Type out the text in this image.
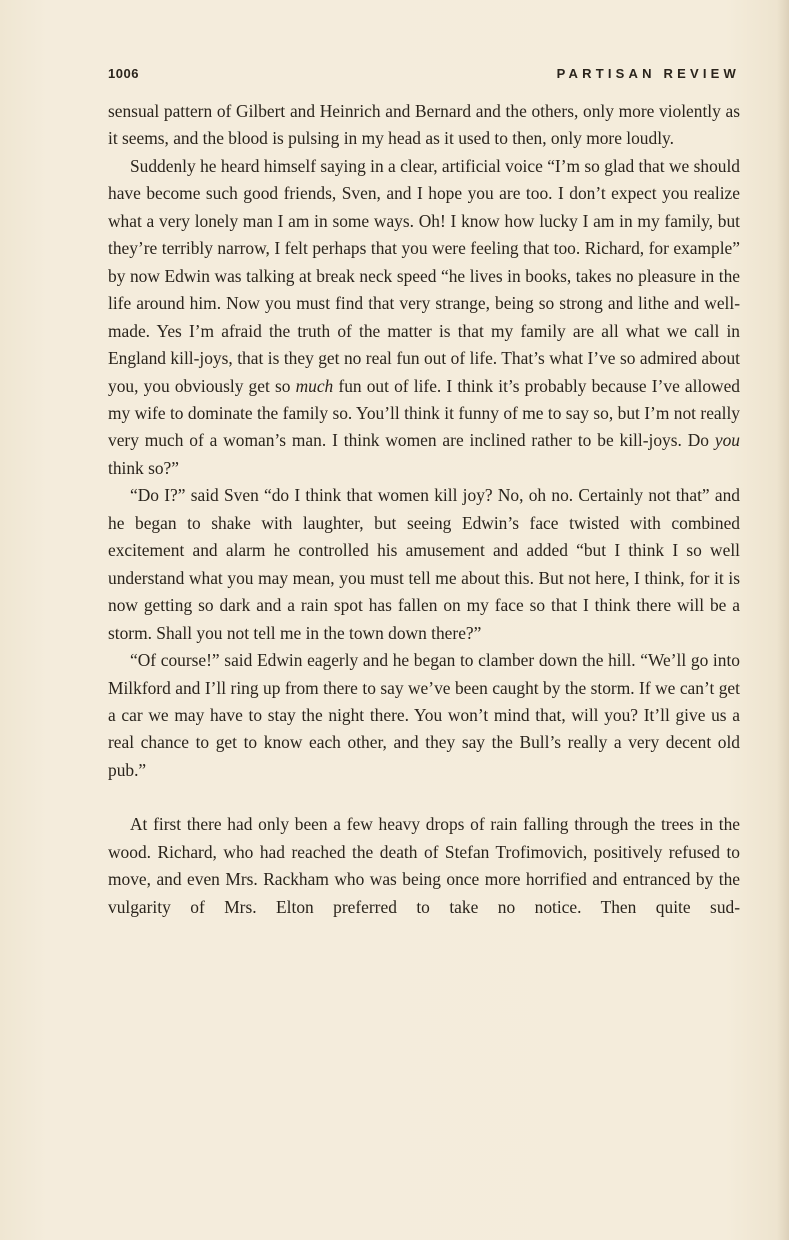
1006	PARTISAN REVIEW

sensual pattern of Gilbert and Heinrich and Bernard and the others, only more violently as it seems, and the blood is pulsing in my head as it used to then, only more loudly.

Suddenly he heard himself saying in a clear, artificial voice “I’m so glad that we should have become such good friends, Sven, and I hope you are too. I don’t expect you realize what a very lonely man I am in some ways. Oh! I know how lucky I am in my family, but they’re terribly narrow, I felt perhaps that you were feeling that too. Richard, for example” by now Edwin was talking at break neck speed “he lives in books, takes no pleasure in the life around him. Now you must find that very strange, being so strong and lithe and well-made. Yes I’m afraid the truth of the matter is that my family are all what we call in England kill-joys, that is they get no real fun out of life. That’s what I’ve so admired about you, you obviously get so much fun out of life. I think it’s probably because I’ve allowed my wife to dominate the family so. You’ll think it funny of me to say so, but I’m not really very much of a woman’s man. I think women are inclined rather to be kill-joys. Do you think so?”

“Do I?” said Sven “do I think that women kill joy? No, oh no. Certainly not that” and he began to shake with laughter, but seeing Edwin’s face twisted with combined excitement and alarm he controlled his amusement and added “but I think I so well understand what you may mean, you must tell me about this. But not here, I think, for it is now getting so dark and a rain spot has fallen on my face so that I think there will be a storm. Shall you not tell me in the town down there?”

“Of course!” said Edwin eagerly and he began to clamber down the hill. “We’ll go into Milkford and I’ll ring up from there to say we’ve been caught by the storm. If we can’t get a car we may have to stay the night there. You won’t mind that, will you? It’ll give us a real chance to get to know each other, and they say the Bull’s really a very decent old pub.”

At first there had only been a few heavy drops of rain falling through the trees in the wood. Richard, who had reached the death of Stefan Trofimovich, positively refused to move, and even Mrs. Rackham who was being once more horrified and entranced by the vulgarity of Mrs. Elton preferred to take no notice. Then quite sud-
